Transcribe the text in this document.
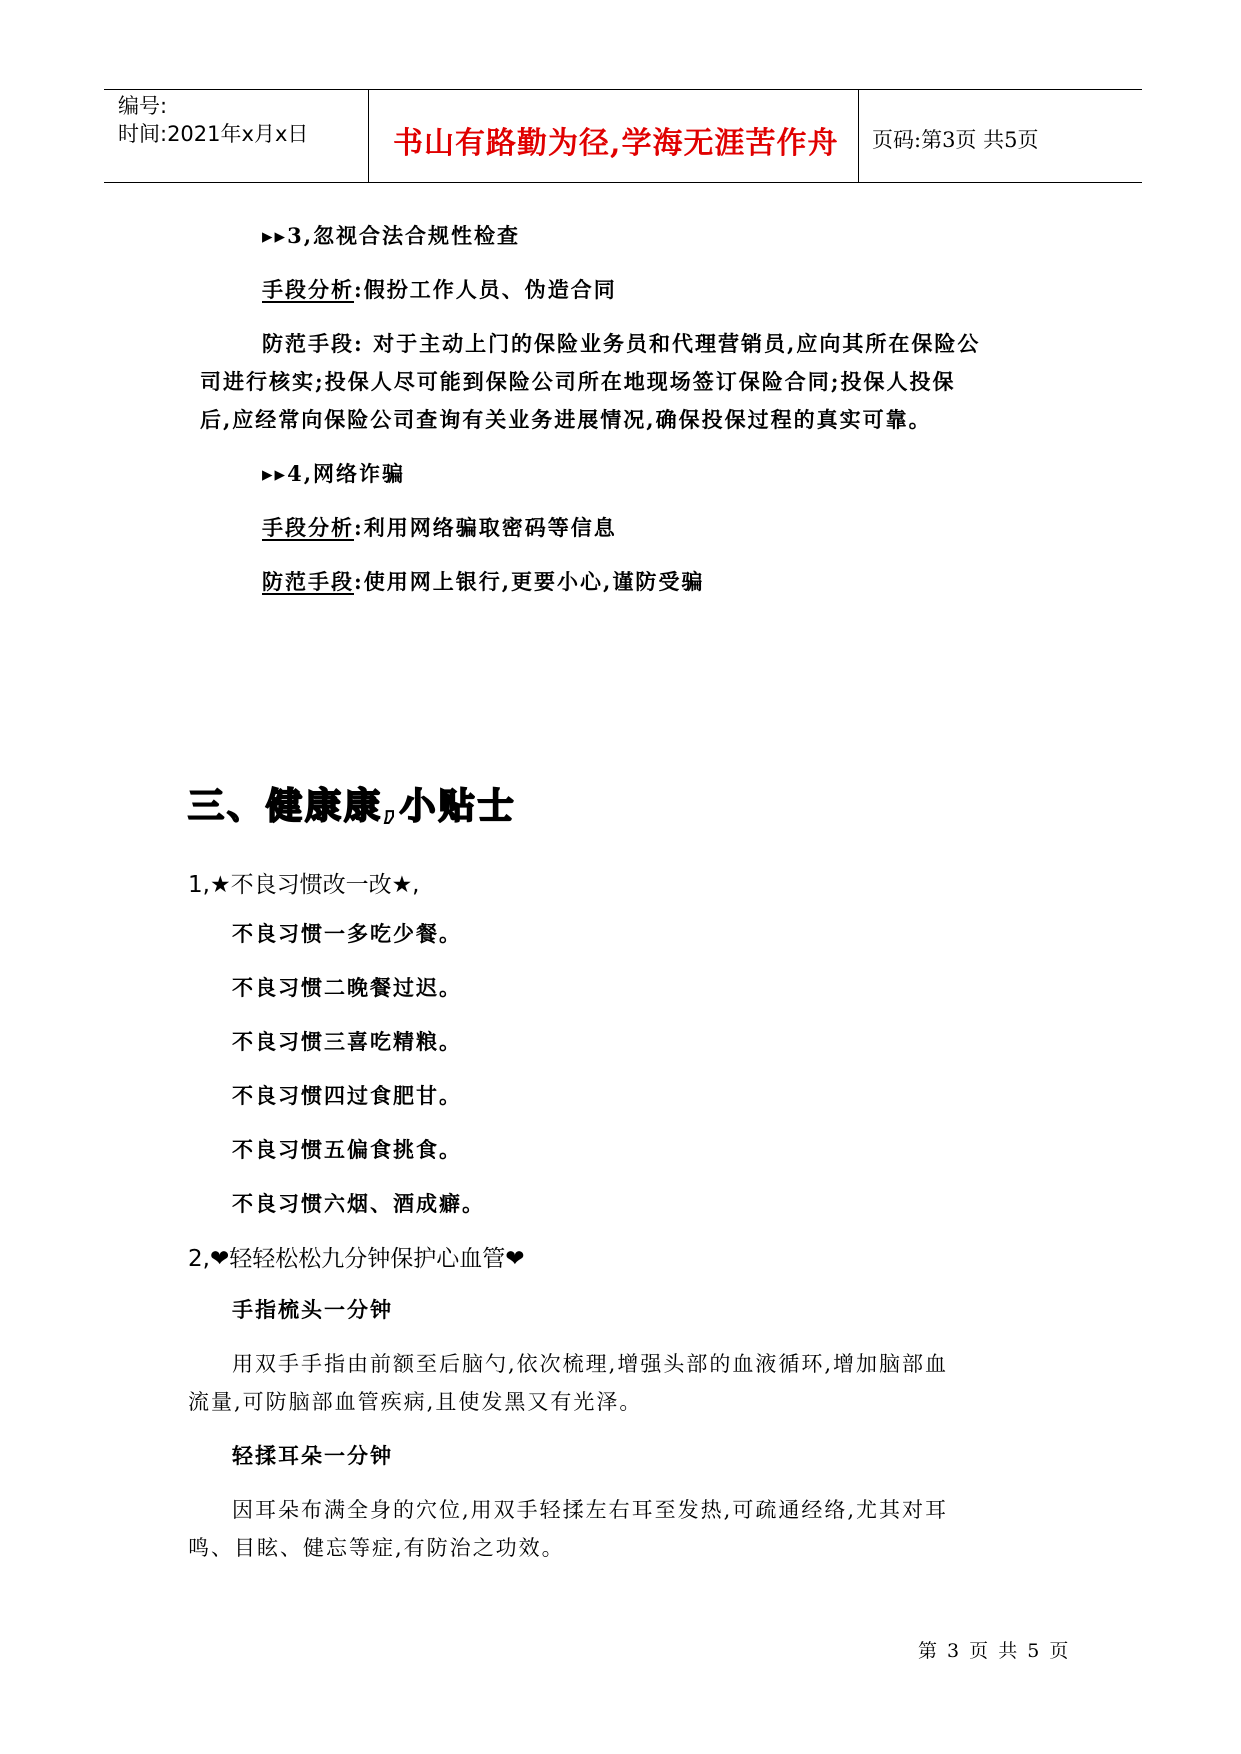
编号:
时间:2021年x月x日	书山有路勤为径,学海无涯苦作舟 页码:第3页 共5页
▸▸3,忽视合法合规性检查
手段分析:假扮工作人员、伪造合同
防范手段: 对于主动上门的保险业务员和代理营销员,应向其所在保险公
司进行核实;投保人尽可能到保险公司所在地现场签订保险合同;投保人投保
后,应经常向保险公司查询有关业务进展情况,确保投保过程的真实可靠。
▸▸4,网络诈骗
手段分析:利用网络骗取密码等信息
防范手段:使用网上银行,更要小心,谨防受骗
三、健康康,小贴士
1,★不良习惯改一改★,
不良习惯一多吃少餐。
不良习惯二晚餐过迟。
不良习惯三喜吃精粮。
不良习惯四过食肥甘。
不良习惯五偏食挑食。
不良习惯六烟、酒成癖。
2,❤轻轻松松九分钟保护心血管❤
手指梳头一分钟
用双手手指由前额至后脑勺,依次梳理,增强头部的血液循环,增加脑部血
流量,可防脑部血管疾病,且使发黑又有光泽。
轻揉耳朵一分钟
因耳朵布满全身的穴位,用双手轻揉左右耳至发热,可疏通经络,尤其对耳
鸣、目眩、健忘等症,有防治之功效。
第 3 页 共 5 页
